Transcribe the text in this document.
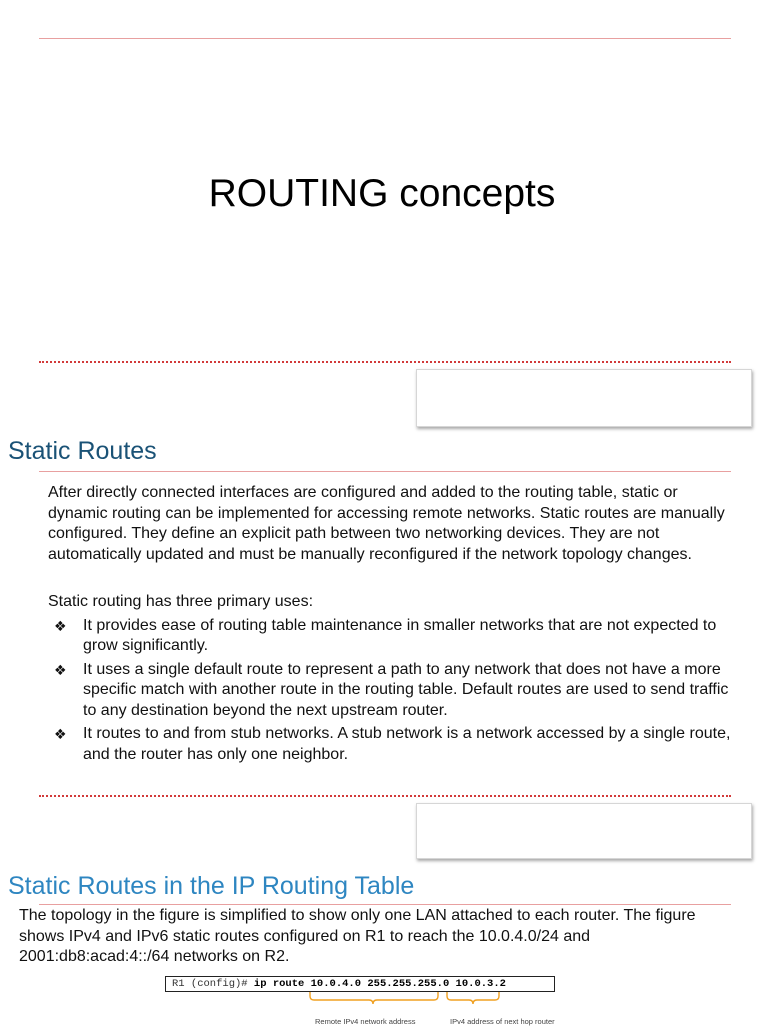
ROUTING concepts
Static Routes

After directly connected interfaces are configured and added to the routing table, static or dynamic routing can be implemented for accessing remote networks. Static routes are manually configured. They define an explicit path between two networking devices. They are not automatically updated and must be manually reconfigured if the network topology changes.

Static routing has three primary uses:

❖ It provides ease of routing table maintenance in smaller networks that are not expected to grow significantly.
❖ It uses a single default route to represent a path to any network that does not have a more specific match with another route in the routing table. Default routes are used to send traffic to any destination beyond the next upstream router.
❖ It routes to and from stub networks. A stub network is a network accessed by a single route, and the router has only one neighbor.
Static Routes in the IP Routing Table

The topology in the figure is simplified to show only one LAN attached to each router. The figure shows IPv4 and IPv6 static routes configured on R1 to reach the 10.0.4.0/24 and 2001:db8:acad:4::/64 networks on R2.

R1 (config)# ip route 10.0.4.0 255.255.255.0 10.0.3.2
Remote IPv4 network address	IPv4 address of next hop router
